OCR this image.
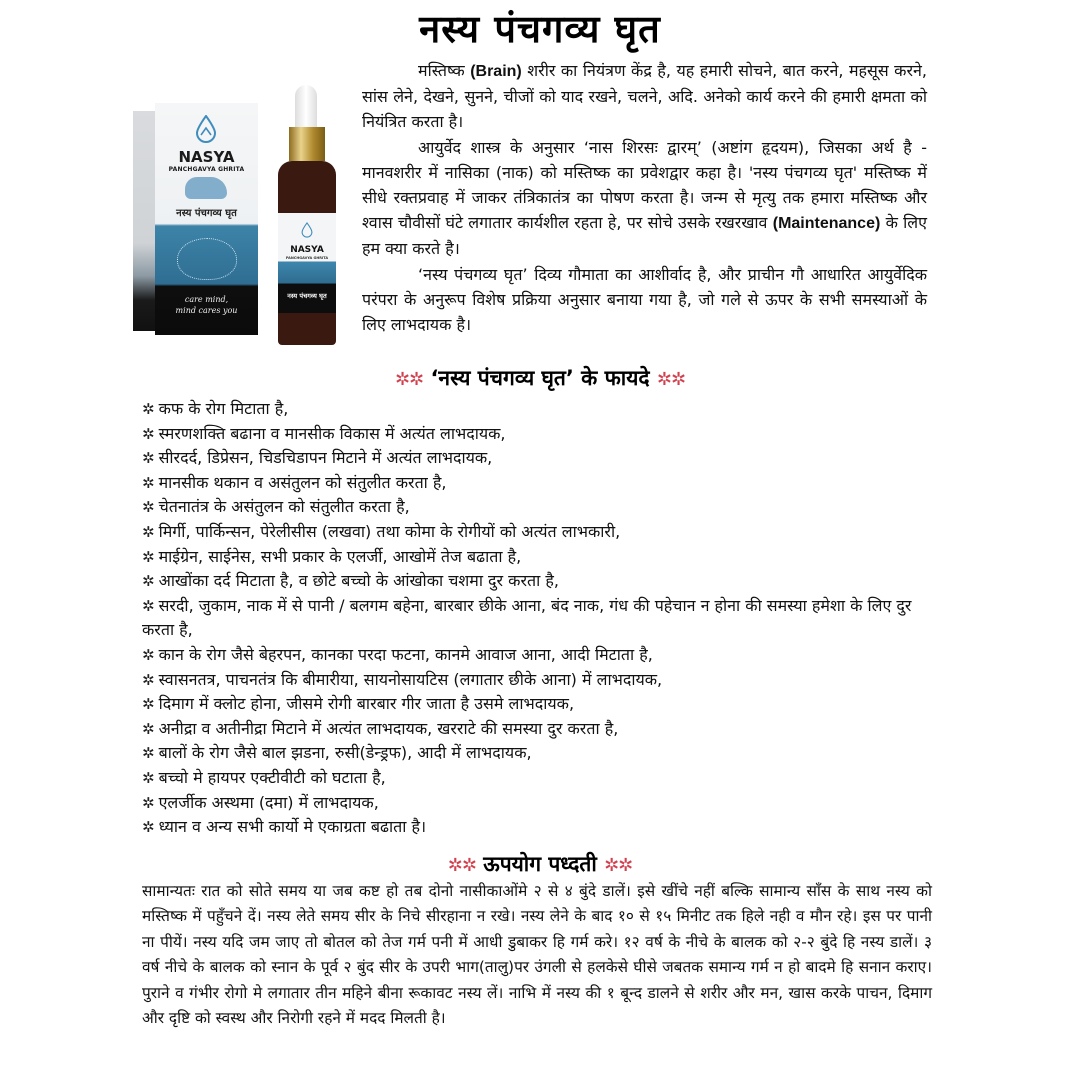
नस्य पंचगव्य घृत
NASYA
PANCHGAVYA GHRITA
नस्य पंचगव्य घृत
care mind,
mind cares you
NASYA
PANCHGAVYA GHRITA
नस्य पंचगव्य घृत

मस्तिष्क (Brain) शरीर का नियंत्रण केंद्र है, यह हमारी सोचने, बात करने, महसूस करने, सांस लेने, देखने, सुनने, चीजों को याद रखने, चलने, अदि. अनेको कार्य करने की हमारी क्षमता को नियंत्रित करता है।

आयुर्वेद शास्त्र के अनुसार ‘नास शिरसः द्वारम्’ (अष्टांग हृदयम), जिसका अर्थ है - मानवशरीर में नासिका (नाक) को मस्तिष्क का प्रवेशद्वार कहा है। 'नस्य पंचगव्य घृत' मस्तिष्क में सीधे रक्तप्रवाह में जाकर तंत्रिकातंत्र का पोषण करता है। जन्म से मृत्यु तक हमारा मस्तिष्क और श्वास चौवीसों घंटे लगातार कार्यशील रहता हे, पर सोचे उसके रखरखाव (Maintenance) के लिए हम क्या करते है।

‘नस्य पंचगव्य घृत’ दिव्य गौमाता का आशीर्वाद है, और प्राचीन गौ आधारित आयुर्वेदिक परंपरा के अनुरूप विशेष प्रक्रिया अनुसार बनाया गया है, जो गले से ऊपर के सभी समस्याओं के लिए लाभदायक है।

✲✲ ‘नस्य पंचगव्य घृत’ के फायदे ✲✲
✲ कफ के रोग मिटाता है,
✲ स्मरणशक्ति बढाना व मानसीक विकास में अत्यंत लाभदायक,
✲ सीरदर्द, डिप्रेसन, चिडचिडापन मिटाने में अत्यंत लाभदायक,
✲ मानसीक थकान व असंतुलन को संतुलीत करता है,
✲ चेतनातंत्र के असंतुलन को संतुलीत करता है,
✲ मिर्गी, पार्किन्सन, पेरेलीसीस (लखवा) तथा कोमा के रोगीयों को अत्यंत लाभकारी,
✲ माईग्रेन, साईनेस, सभी प्रकार के एलर्जी, आखोमें तेज बढाता है,
✲ आखोंका दर्द मिटाता है, व छोटे बच्चो के आंखोका चशमा दुर करता है,
✲ सरदी, जुकाम, नाक में से पानी / बलगम बहेना, बारबार छीके आना, बंद नाक, गंध की पहेचान न होना की समस्या हमेशा के लिए दुर करता है,
✲ कान के रोग जैसे बेहरपन, कानका परदा फटना, कानमे आवाज आना, आदी मिटाता है,
✲ स्वासनतत्र, पाचनतंत्र कि बीमारीया, सायनोसायटिस (लगातार छीके आना) में लाभदायक,
✲ दिमाग में क्लोट होना, जीसमे रोगी बारबार गीर जाता है उसमे लाभदायक,
✲ अनीद्रा व अतीनीद्रा मिटाने में अत्यंत लाभदायक, खरराटे की समस्या दुर करता है,
✲ बालों के रोग जैसे बाल झडना, रुसी(डेन्ड्रफ), आदी में लाभदायक,
✲ बच्चो मे हायपर एक्टीवीटी को घटाता है,
✲ एलर्जीक अस्थमा (दमा) में लाभदायक,
✲ ध्यान व अन्य सभी कार्यो मे एकाग्रता बढाता है।
✲✲ ऊपयोग पध्दती ✲✲

सामान्यतः रात को सोते समय या जब कष्ट हो तब दोनो नासीकाओंमे २ से ४ बुंदे डालें। इसे खींचे नहीं बल्कि सामान्य साँस के साथ नस्य को मस्तिष्क में पहुँचने दें। नस्य लेते समय सीर के निचे सीरहाना न रखे। नस्य लेने के बाद १० से १५ मिनीट तक हिले नही व मौन रहे। इस पर पानी ना पीयें। नस्य यदि जम जाए तो बोतल को तेज गर्म पनी में आधी डुबाकर हि गर्म करे। १२ वर्ष के नीचे के बालक को २-२ बुंदे हि नस्य डालें। ३ वर्ष नीचे के बालक को स्नान के पूर्व २ बुंद सीर के उपरी भाग(तालु)पर उंगली से हलकेसे घीसे जबतक समान्य गर्म न हो बादमे हि सनान कराए। पुराने व गंभीर रोगो मे लगातार तीन महिने बीना रूकावट नस्य लें। नाभि में नस्य की १ बून्द डालने से शरीर और मन, खास करके पाचन, दिमाग और दृष्टि को स्वस्थ और निरोगी रहने में मदद मिलती है।
